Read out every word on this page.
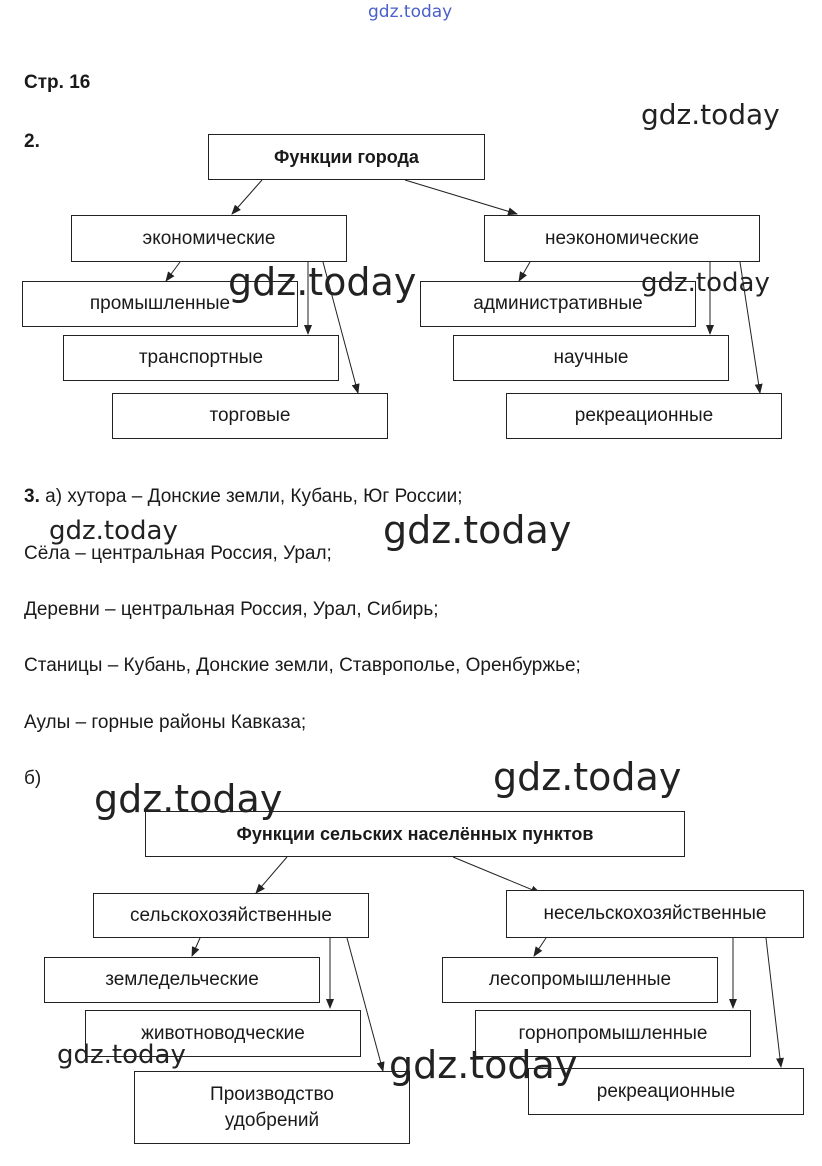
gdz.today
Стр. 16
2.
Функции города
экономические
промышленные
транспортные
торговые
неэкономические
административные
научные
рекреационные
3. а) хутора – Донские земли, Кубань, Юг России;
Сёла – центральная Россия, Урал;
Деревни – центральная Россия, Урал, Сибирь;
Станицы – Кубань, Донские земли, Ставрополье, Оренбуржье;
Аулы – горные районы Кавказа;
б)
Функции сельских населённых пунктов
сельскохозяйственные
земледельческие
животноводческие
Производство удобрений
несельскохозяйственные
лесопромышленные
горнопромышленные
рекреационные
gdz.today
gdz.today	gdz.today
gdz.today	gdz.today
gdz.today
gdz.today
gdz.today	gdz.today
